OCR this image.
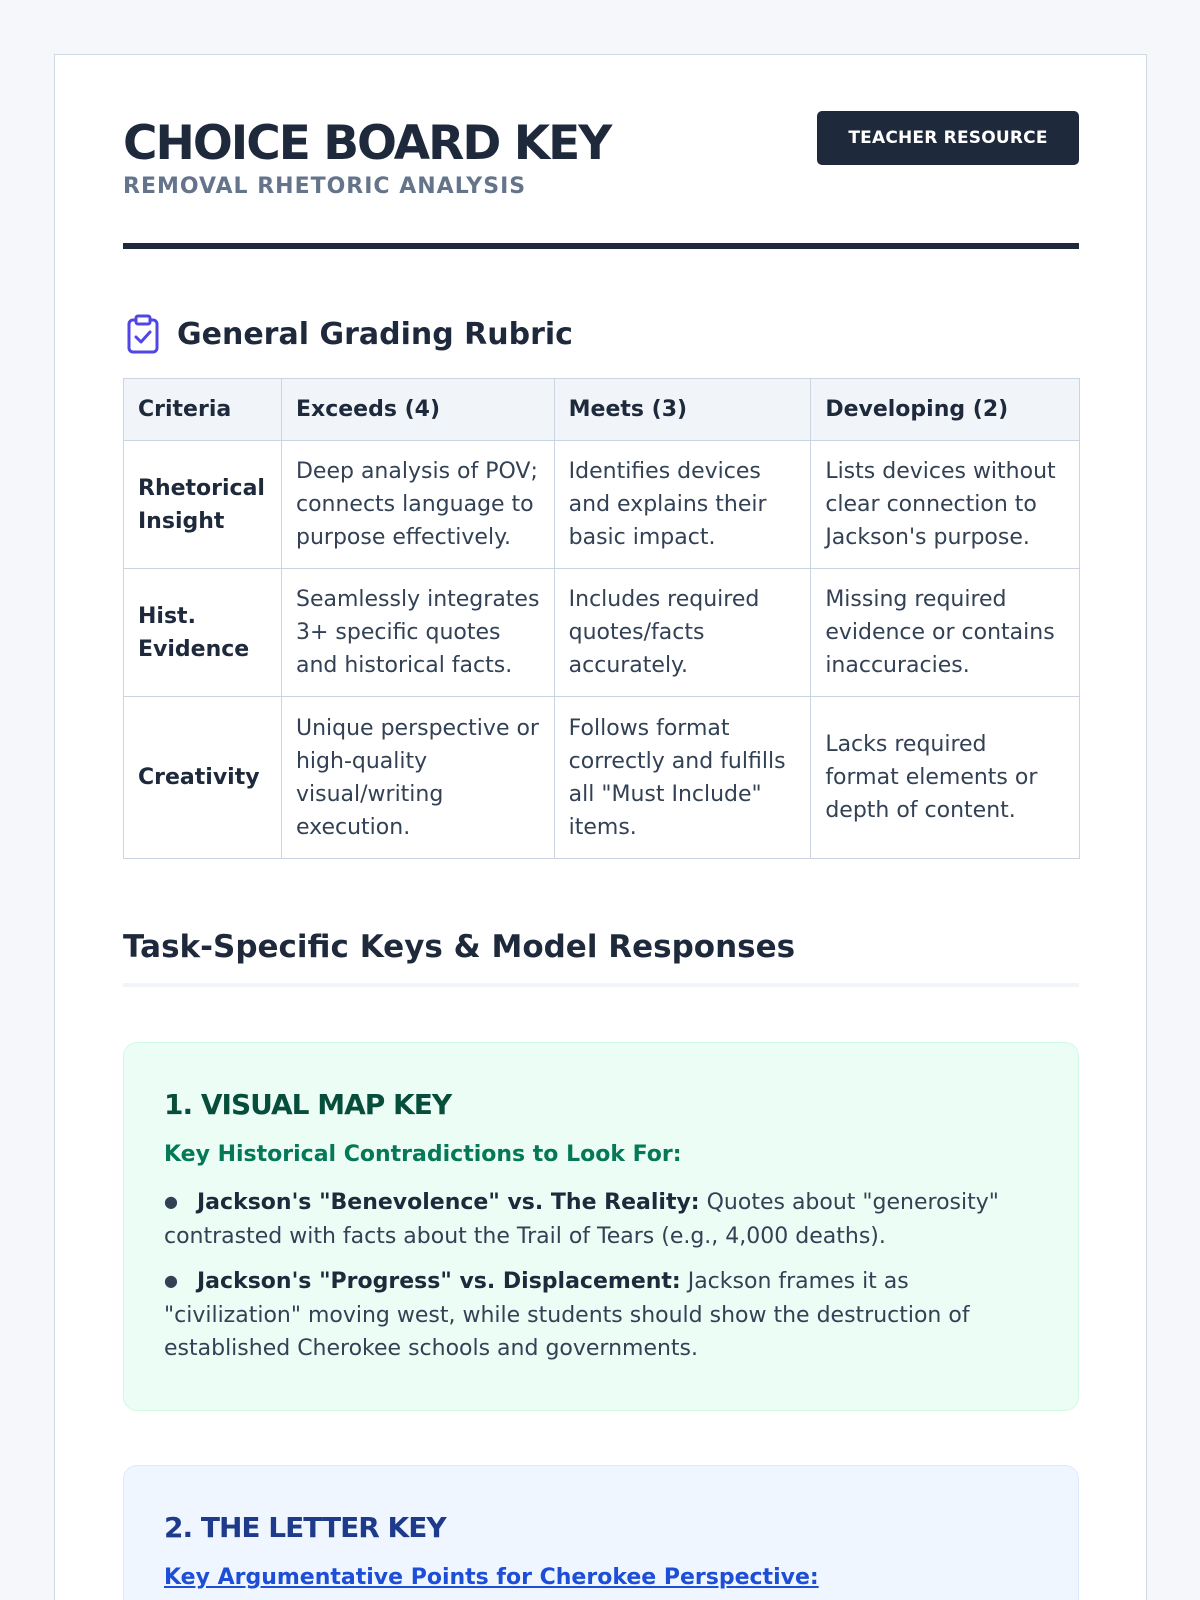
CHOICE BOARD KEY
REMOVAL RHETORIC ANALYSIS
TEACHER RESOURCE
General Grading Rubric
Criteria	Exceeds (4)	Meets (3)	Developing (2)
Rhetorical Insight	Deep analysis of POV; connects language to purpose effectively.	Identifies devices and explains their basic impact.	Lists devices without clear connection to Jackson's purpose.
Hist. Evidence	Seamlessly integrates 3+ specific quotes and historical facts.	Includes required quotes/facts accurately.	Missing required evidence or contains inaccuracies.
Creativity	Unique perspective or high-quality visual/writing execution.	Follows format correctly and fulfills all "Must Include" items.	Lacks required format elements or depth of content.
Task-Specific Keys & Model Responses
1. VISUAL MAP KEY
Key Historical Contradictions to Look For:
● Jackson's "Benevolence" vs. The Reality: Quotes about "generosity" contrasted with facts about the Trail of Tears (e.g., 4,000 deaths).
● Jackson's "Progress" vs. Displacement: Jackson frames it as "civilization" moving west, while students should show the destruction of established Cherokee schools and governments.
2. THE LETTER KEY
Key Argumentative Points for Cherokee Perspective:
